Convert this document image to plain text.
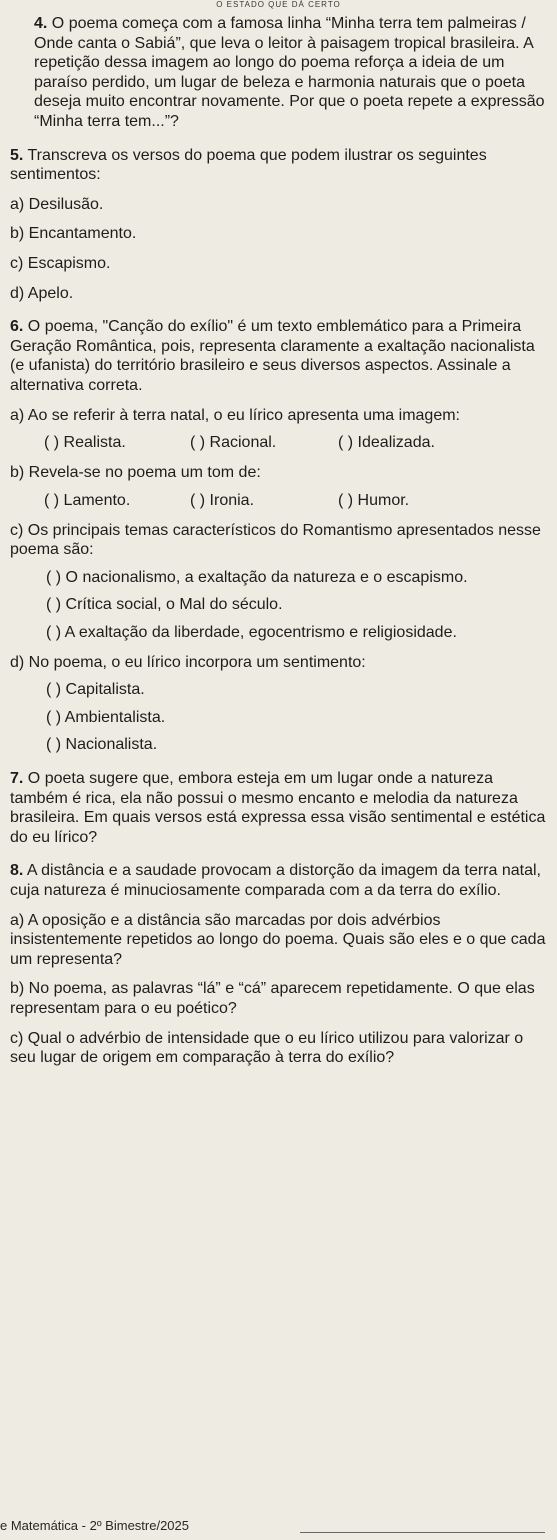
O ESTADO QUE DÁ CERTO

4. O poema começa com a famosa linha “Minha terra tem palmeiras / Onde canta o Sabiá”, que leva o leitor à paisagem tropical brasileira. A repetição dessa imagem ao longo do poema reforça a ideia de um paraíso perdido, um lugar de beleza e harmonia naturais que o poeta deseja muito encontrar novamente. Por que o poeta repete a expressão “Minha terra tem...”?

5. Transcreva os versos do poema que podem ilustrar os seguintes sentimentos:

a) Desilusão.

b) Encantamento.

c) Escapismo.

d) Apelo.

6. O poema, "Canção do exílio" é um texto emblemático para a Primeira Geração Romântica, pois, representa claramente a exaltação nacionalista (e ufanista) do território brasileiro e seus diversos aspectos. Assinale a alternativa correta.

a) Ao se referir à terra natal, o eu lírico apresenta uma imagem:

( ) Realista.	( ) Racional.	( ) Idealizada.

b) Revela-se no poema um tom de:

( ) Lamento.	( ) Ironia.	( ) Humor.

c) Os principais temas característicos do Romantismo apresentados nesse poema são:

( ) O nacionalismo, a exaltação da natureza e o escapismo.

( ) Crítica social, o Mal do século.

( ) A exaltação da liberdade, egocentrismo e religiosidade.

d) No poema, o eu lírico incorpora um sentimento:

( ) Capitalista.

( ) Ambientalista.

( ) Nacionalista.

7. O poeta sugere que, embora esteja em um lugar onde a natureza também é rica, ela não possui o mesmo encanto e melodia da natureza brasileira. Em quais versos está expressa essa visão sentimental e estética do eu lírico?

8. A distância e a saudade provocam a distorção da imagem da terra natal, cuja natureza é minuciosamente comparada com a da terra do exílio.

a) A oposição e a distância são marcadas por dois advérbios insistentemente repetidos ao longo do poema. Quais são eles e o que cada um representa?

b) No poema, as palavras “lá” e “cá” aparecem repetidamente. O que elas representam para o eu poético?

c) Qual o advérbio de intensidade que o eu lírico utilizou para valorizar o seu lugar de origem em comparação à terra do exílio?

e Matemática - 2º Bimestre/2025
